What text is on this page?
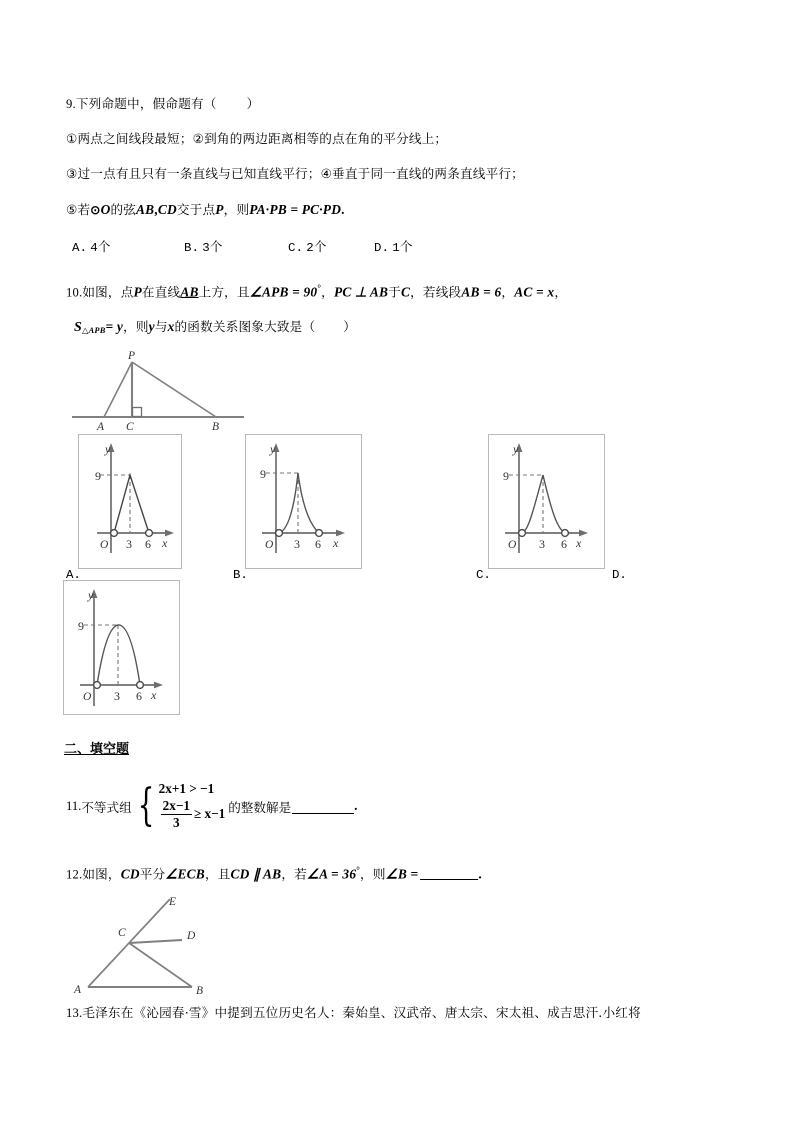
9.下列命题中，假命题有（ ）
①两点之间线段最短；②到角的两边距离相等的点在角的平分线上；
③过一点有且只有一条直线与已知直线平行；④垂直于同一直线的两条直线平行；
⑤若⊙O的弦AB,CD交于点P，则PA·PB = PC·PD.
A. 4个	B. 3个	C. 2个	D. 1个
10.如图，点P在直线AB上方，且∠APB = 90°，PC ⊥ AB于C，若线段AB = 6，AC = x，
$S_{\triangle APB}= y$，则y与x的函数关系图象大致是（ ）
P
A C	B
y
x
O
9
3 6
A.
y
x
O
9
3 6
B.
y
x
O
9
3 6
C.	D.
y
x
O
9
3 6
二、填空题
11. 不等式组 { 2x+1 > −1
$\frac{2x-1}{3} \ge x-1$ 的整数解是	.
12.如图，CD平分∠ECB，且CD ∥ AB，若∠A = 36°，则∠B =	.
E
C	D
A	B
13.毛泽东在《沁园春·雪》中提到五位历史名人：秦始皇、汉武帝、唐太宗、宋太祖、成吉思汗.小红将
